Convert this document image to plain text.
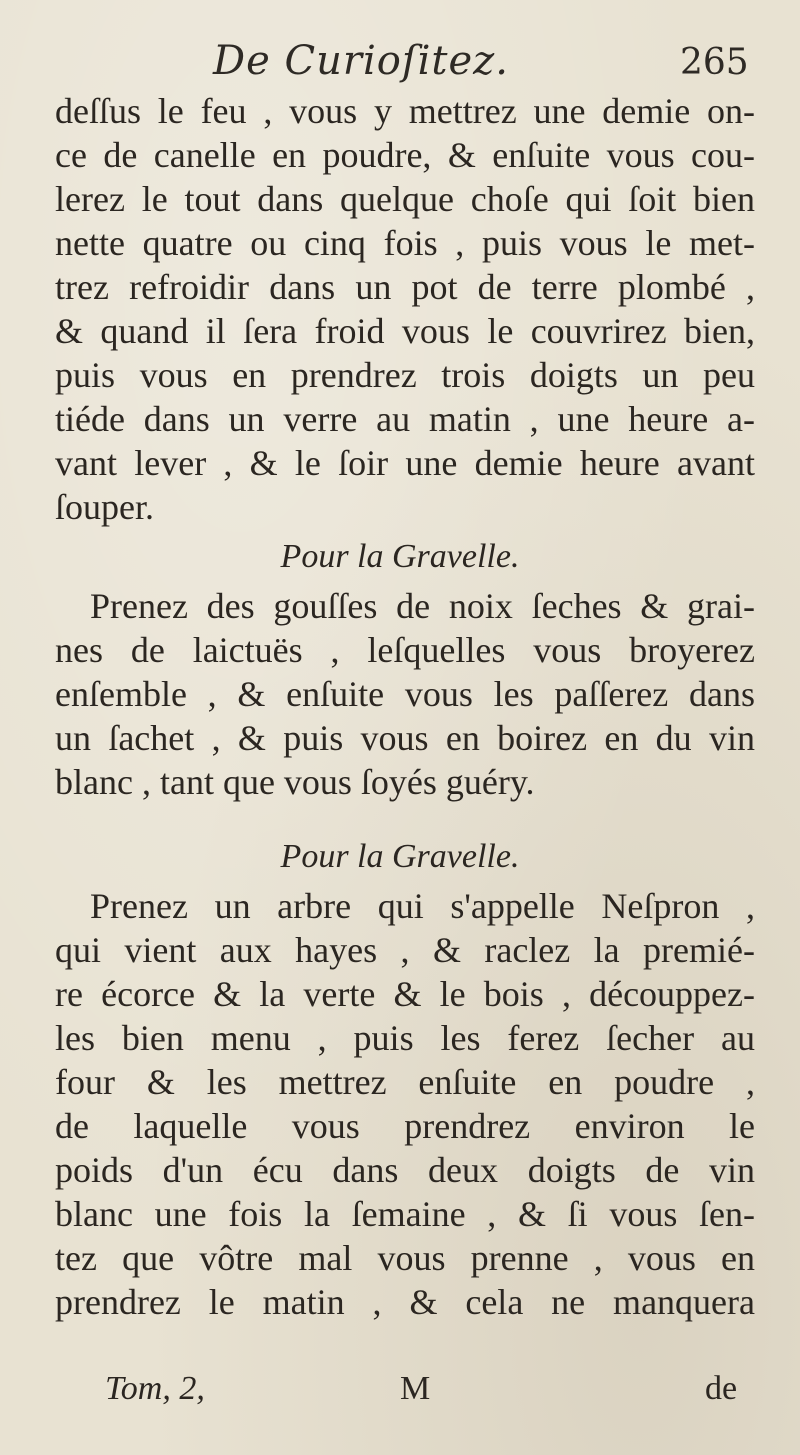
De Curioſitez.	265
deſſus le feu , vous y mettrez une demie on-
ce de canelle en poudre, & enſuite vous cou-
lerez le tout dans quelque choſe qui ſoit bien
nette quatre ou cinq fois , puis vous le met-
trez refroidir dans un pot de terre plombé ,
& quand il ſera froid vous le couvrirez bien,
puis vous en prendrez trois doigts un peu
tiéde dans un verre au matin , une heure a-
vant lever , & le ſoir une demie heure avant
ſouper.
Pour la Gravelle.
Prenez des gouſſes de noix ſeches & grai-
nes de laictuës , leſquelles vous broyerez
enſemble , & enſuite vous les paſſerez dans
un ſachet , & puis vous en boirez en du vin
blanc , tant que vous ſoyés guéry.
Pour la Gravelle.
Prenez un arbre qui s'appelle Neſpron ,
qui vient aux hayes , & raclez la premié-
re écorce & la verte & le bois , découppez-
les bien menu , puis les ferez ſecher au
four & les mettrez enſuite en poudre ,
de laquelle vous prendrez environ le
poids d'un écu dans deux doigts de vin
blanc une fois la ſemaine , & ſi vous ſen-
tez que vôtre mal vous prenne , vous en
prendrez le matin , & cela ne manquera
Tom, 2,	M	de
